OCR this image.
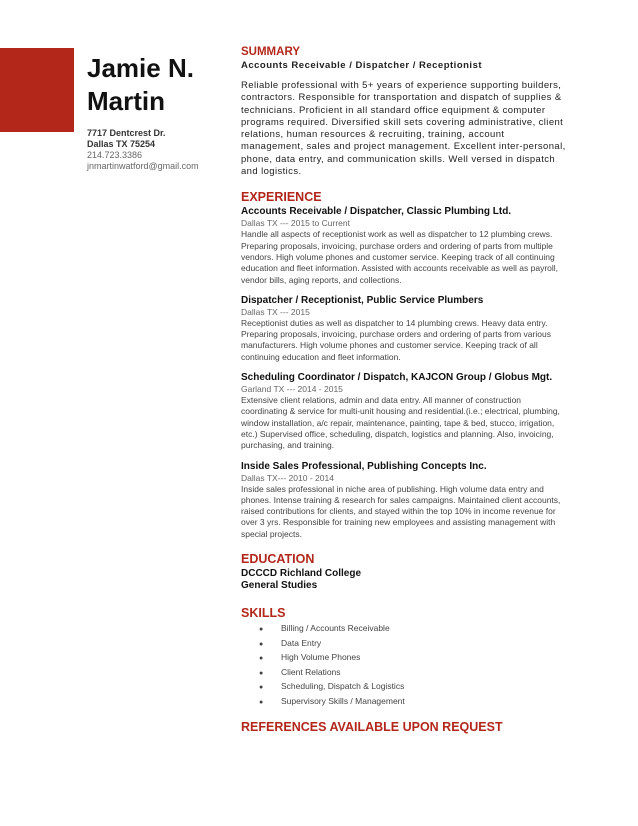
Jamie N.
Martin
7717 Dentcrest Dr.
Dallas TX 75254
214.723.3386
jnmartinwatford@gmail.com
SUMMARY
Accounts Receivable / Dispatcher / Receptionist
Reliable professional with 5+ years of experience supporting builders, contractors. Responsible for transportation and dispatch of supplies & technicians. Proficient in all standard office equipment & computer programs required. Diversified skill sets covering administrative, client relations, human resources & recruiting, training, account management, sales and project management. Excellent inter-personal, phone, data entry, and communication skills. Well versed in dispatch and logistics.
EXPERIENCE
Accounts Receivable / Dispatcher, Classic Plumbing Ltd.
Dallas TX --- 2015 to Current
Handle all aspects of receptionist work as well as dispatcher to 12 plumbing crews. Preparing proposals, invoicing, purchase orders and ordering of parts from multiple vendors. High volume phones and customer service. Keeping track of all continuing education and fleet information. Assisted with accounts receivable as well as payroll, vendor bills, aging reports, and collections.
Dispatcher / Receptionist, Public Service Plumbers
Dallas TX --- 2015
Receptionist duties as well as dispatcher to 14 plumbing crews. Heavy data entry. Preparing proposals, invoicing, purchase orders and ordering of parts from various manufacturers. High volume phones and customer service. Keeping track of all continuing education and fleet information.
Scheduling Coordinator / Dispatch, KAJCON Group / Globus Mgt.
Garland TX --- 2014 - 2015
Extensive client relations, admin and data entry. All manner of construction coordinating & service for multi-unit housing and residential.(i.e.; electrical, plumbing, window installation, a/c repair, maintenance, painting, tape & bed, stucco, irrigation, etc.) Supervised office, scheduling, dispatch, logistics and planning. Also, invoicing, purchasing, and training.
Inside Sales Professional, Publishing Concepts Inc.
Dallas TX--- 2010 - 2014
Inside sales professional in niche area of publishing. High volume data entry and phones. Intense training & research for sales campaigns. Maintained client accounts, raised contributions for clients, and stayed within the top 10% in income revenue for over 3 yrs. Responsible for training new employees and assisting management with special projects.
EDUCATION
DCCCD Richland College
General Studies
SKILLS
● Billing / Accounts Receivable
● Data Entry
● High Volume Phones
● Client Relations
● Scheduling, Dispatch & Logistics
● Supervisory Skills / Management
REFERENCES AVAILABLE UPON REQUEST
